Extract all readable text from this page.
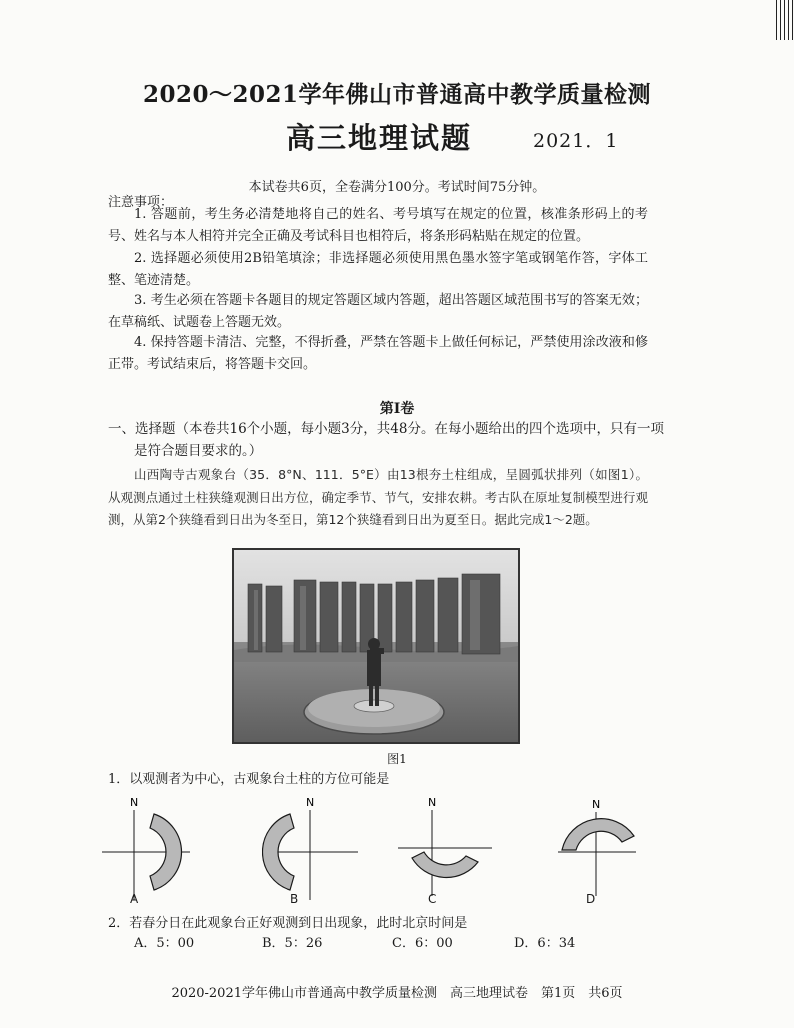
2020～2021学年佛山市普通高中教学质量检测
高三地理试题	2021．1
本试卷共6页，全卷满分100分。考试时间75分钟。
注意事项：
1. 答题前，考生务必清楚地将自己的姓名、考号填写在规定的位置，核准条形码上的考号、姓名与本人相符并完全正确及考试科目也相符后，将条形码粘贴在规定的位置。
2. 选择题必须使用2B铅笔填涂；非选择题必须使用黑色墨水签字笔或钢笔作答，字体工整、笔迹清楚。
3. 考生必须在答题卡各题目的规定答题区域内答题，超出答题区域范围书写的答案无效；在草稿纸、试题卷上答题无效。
4. 保持答题卡清洁、完整，不得折叠，严禁在答题卡上做任何标记，严禁使用涂改液和修正带。考试结束后，将答题卡交回。
第Ⅰ卷
一、选择题（本卷共16个小题，每小题3分，共48分。在每小题给出的四个选项中，只有一项是符合题目要求的。）
山西陶寺古观象台（35．8°N、111．5°E）由13根夯土柱组成，呈圆弧状排列（如图1）。从观测点通过土柱狭缝观测日出方位，确定季节、节气，安排农耕。考古队在原址复制模型进行观测，从第2个狭缝看到日出为冬至日，第12个狭缝看到日出为夏至日。据此完成1～2题。
图1
1．以观测者为中心，古观象台土柱的方位可能是
N
A
N
B
N
C
N
D
2．若春分日在此观象台正好观测到日出现象，此时北京时间是
A．5：00	B．5：26	C．6：00	D．6：34
2020-2021学年佛山市普通高中教学质量检测　高三地理试卷　第1页　共6页
